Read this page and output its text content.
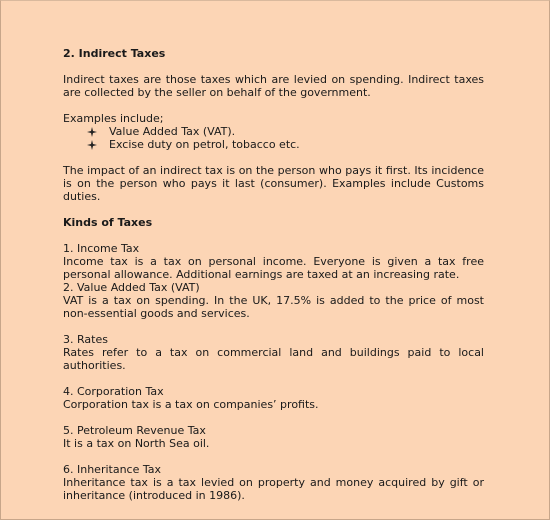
2. Indirect Taxes

Indirect taxes are those taxes which are levied on spending. Indirect taxes are collected by the seller on behalf of the government.

Examples include;

Value Added Tax (VAT).
Excise duty on petrol, tobacco etc.

The impact of an indirect tax is on the person who pays it first. Its incidence is on the person who pays it last (consumer). Examples include Customs duties.

Kinds of Taxes

1. Income Tax

Income tax is a tax on personal income. Everyone is given a tax free personal allowance. Additional earnings are taxed at an increasing rate.

2. Value Added Tax (VAT)

VAT is a tax on spending. In the UK, 17.5% is added to the price of most non-essential goods and services.

3. Rates

Rates refer to a tax on commercial land and buildings paid to local authorities.

4. Corporation Tax

Corporation tax is a tax on companies’ profits.

5. Petroleum Revenue Tax

It is a tax on North Sea oil.

6. Inheritance Tax

Inheritance tax is a tax levied on property and money acquired by gift or inheritance (introduced in 1986).
